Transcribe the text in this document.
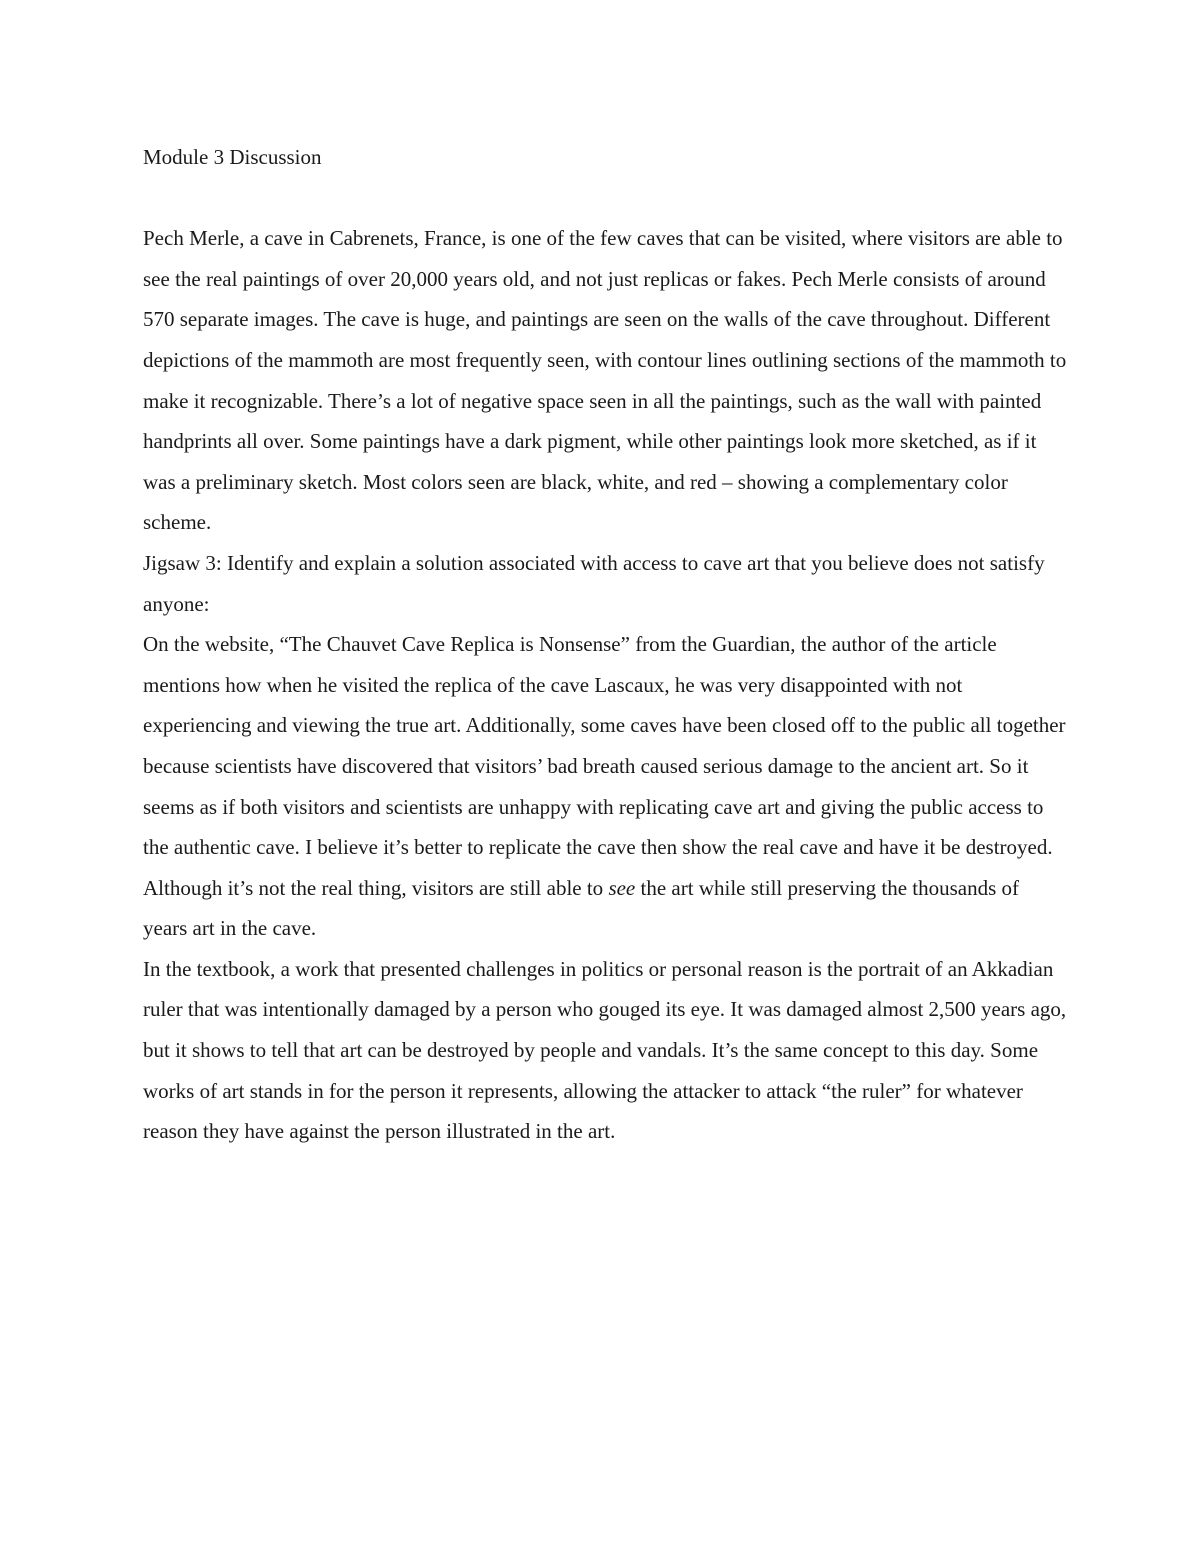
Module 3 Discussion

Pech Merle, a cave in Cabrenets, France, is one of the few caves that can be visited, where visitors are able to see the real paintings of over 20,000 years old, and not just replicas or fakes. Pech Merle consists of around 570 separate images. The cave is huge, and paintings are seen on the walls of the cave throughout. Different depictions of the mammoth are most frequently seen, with contour lines outlining sections of the mammoth to make it recognizable. There’s a lot of negative space seen in all the paintings, such as the wall with painted handprints all over. Some paintings have a dark pigment, while other paintings look more sketched, as if it was a preliminary sketch. Most colors seen are black, white, and red – showing a complementary color scheme.

Jigsaw 3: Identify and explain a solution associated with access to cave art that you believe does not satisfy anyone:

On the website, “The Chauvet Cave Replica is Nonsense” from the Guardian, the author of the article mentions how when he visited the replica of the cave Lascaux, he was very disappointed with not experiencing and viewing the true art. Additionally, some caves have been closed off to the public all together because scientists have discovered that visitors’ bad breath caused serious damage to the ancient art. So it seems as if both visitors and scientists are unhappy with replicating cave art and giving the public access to the authentic cave. I believe it’s better to replicate the cave then show the real cave and have it be destroyed. Although it’s not the real thing, visitors are still able to see the art while still preserving the thousands of years art in the cave.

In the textbook, a work that presented challenges in politics or personal reason is the portrait of an Akkadian ruler that was intentionally damaged by a person who gouged its eye. It was damaged almost 2,500 years ago, but it shows to tell that art can be destroyed by people and vandals. It’s the same concept to this day. Some works of art stands in for the person it represents, allowing the attacker to attack “the ruler” for whatever reason they have against the person illustrated in the art.
